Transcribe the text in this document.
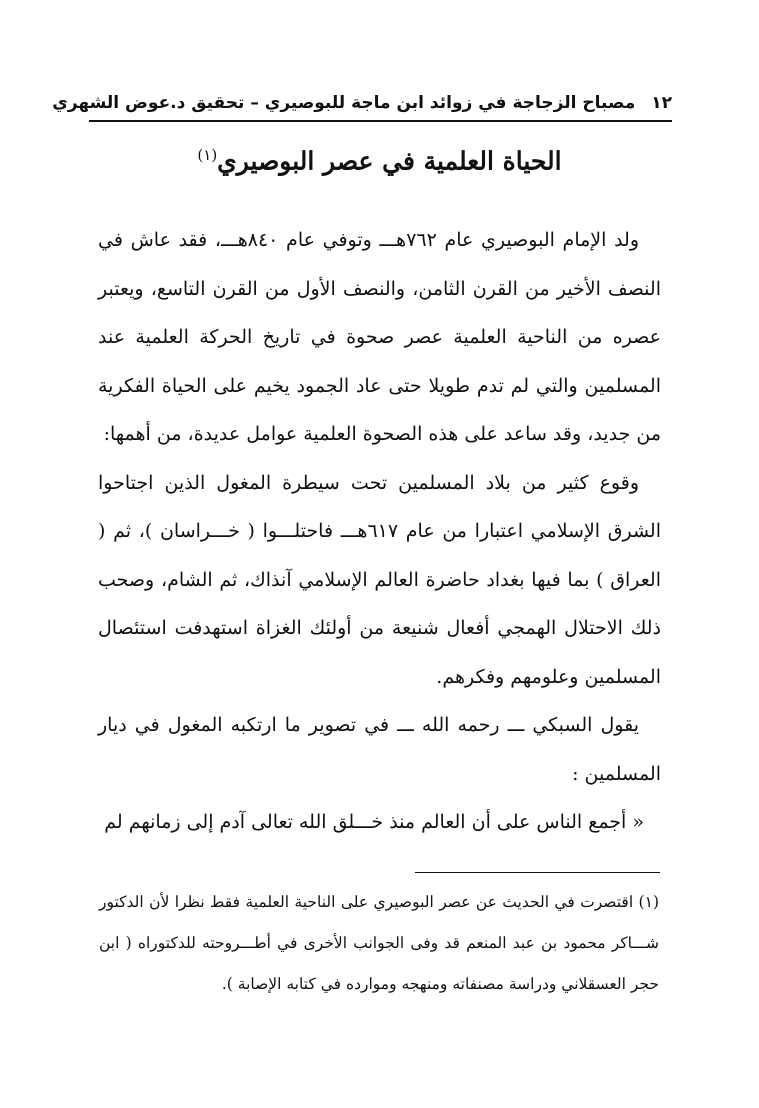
١٢مصباح الزجاجة في زوائد ابن ماجة للبوصيري – تحقيق د.عوض الشهري
الحياة العلمية في عصر البوصيري$^{(١)}$

ولد الإمام البوصيري عام ٧٦٢هـــ وتوفي عام ٨٤٠هـــ، فقد عاش في النصف الأخير من القرن الثامن، والنصف الأول من القرن التاسع، ويعتبر عصره من الناحية العلمية عصر صحوة في تاريخ الحركة العلمية عند المسلمين والتي لم تدم طويلا حتى عاد الجمود يخيم على الحياة الفكرية من جديد، وقد ساعد على هذه الصحوة العلمية عوامل عديدة، من أهمها:

وقوع كثير من بلاد المسلمين تحت سيطرة المغول الذين اجتاحوا الشرق الإسلامي اعتبارا من عام ٦١٧هـــ فاحتلـــوا ( خـــراسان )، ثم ( العراق ) بما فيها بغداد حاضرة العالم الإسلامي آنذاك، ثم الشام، وصحب ذلك الاحتلال الهمجي أفعال شنيعة من أولئك الغزاة استهدفت استئصال المسلمين وعلومهم وفكرهم.

يقول السبكي ـــ رحمه الله ـــ في تصوير ما ارتكبه المغول في ديار المسلمين :

« أجمع الناس على أن العالم منذ خـــلق الله تعالى آدم إلى زمانهم لم

(١) اقتصرت في الحديث عن عصر البوصيري على الناحية العلمية فقط نظرا لأن الدكتور شـــاكر محمود بن عبد المنعم قد وفى الجوانب الأخرى في أطـــروحته للدكتوراه ( ابن حجر العسقلاني ودراسة مصنفاته ومنهجه وموارده في كتابه الإصابة ).
